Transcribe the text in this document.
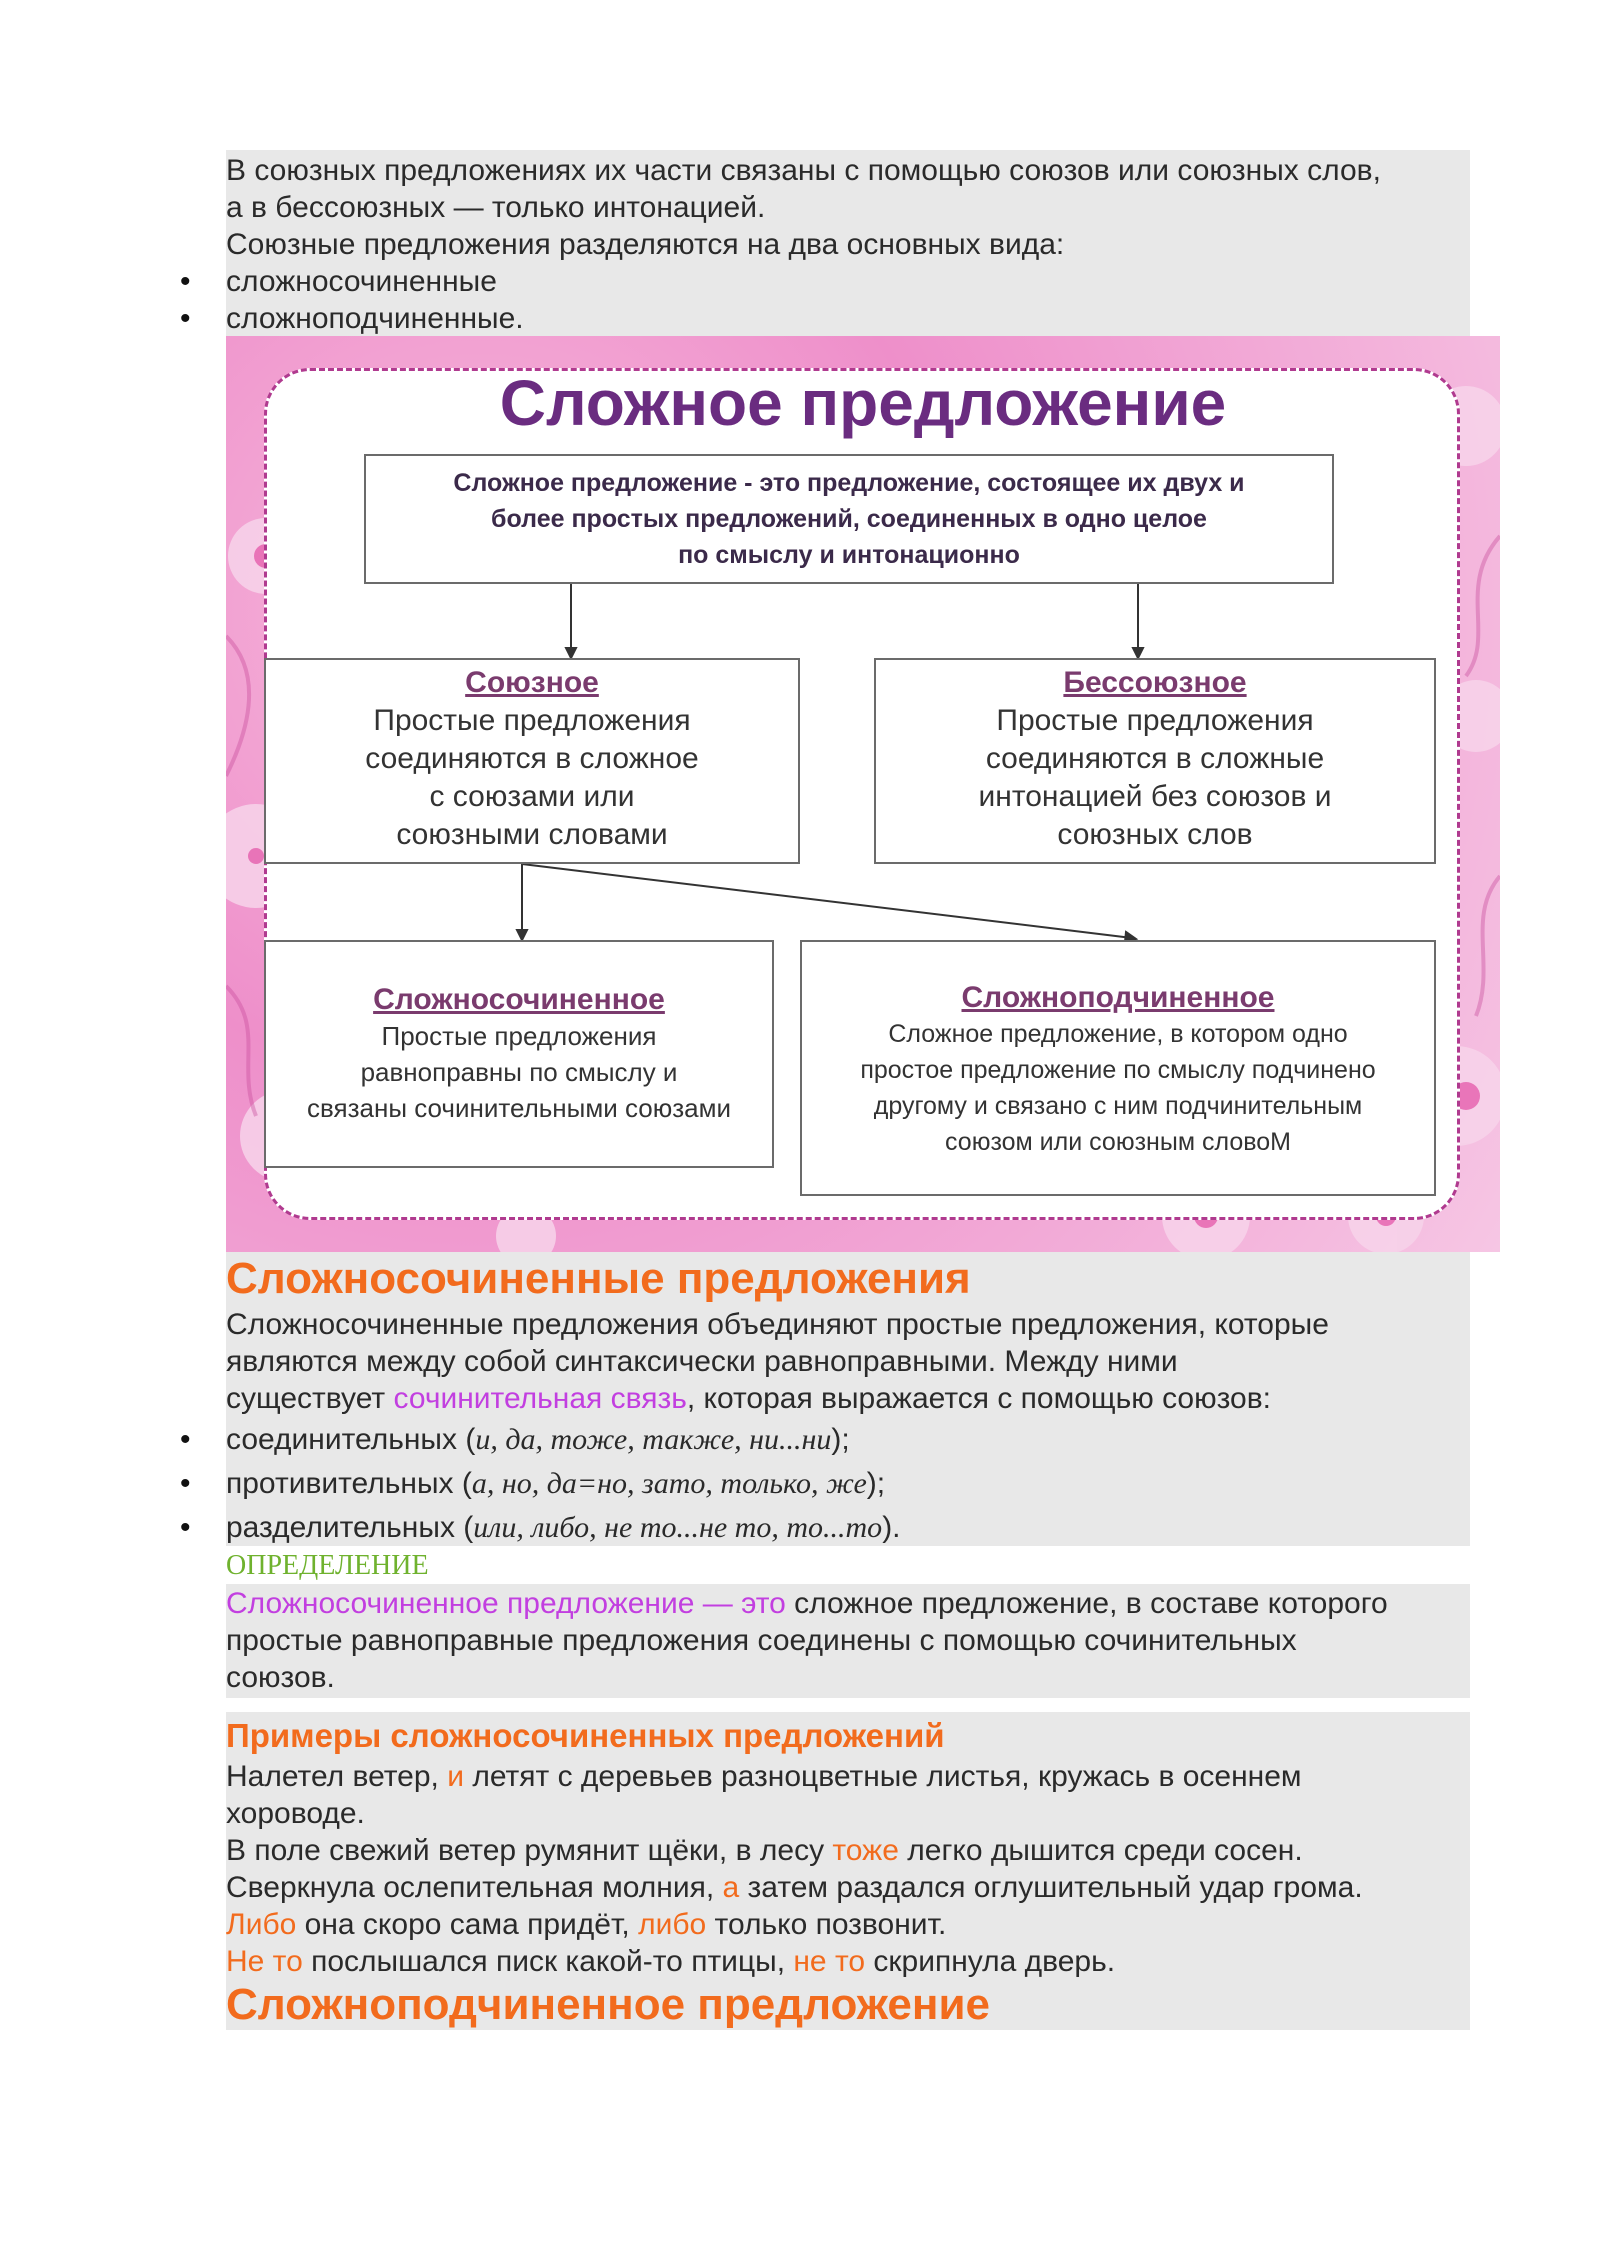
В союзных предложениях их части связаны с помощью союзов или союзных слов,
а в бессоюзных — только интонацией.
Союзные предложения разделяются на два основных вида:
• сложносочиненные
• сложноподчиненные.
Сложное предложение
Сложное предложение - это предложение, состоящее их двух и
более простых предложений, соединенных в одно целое
по смыслу и интонационно
Союзное
Простые предложения
соединяются в сложное
с союзами или
союзными словами
Бессоюзное
Простые предложения
соединяются в сложные
интонацией без союзов и
союзных слов
Сложносочиненное
Простые предложения
равноправны по смыслу и
связаны сочинительными союзами
Сложноподчиненное
Сложное предложение, в котором одно
простое предложение по смыслу подчинено
другому и связано с ним подчинительным
союзом или союзным словоМ
Сложносочиненные предложения
Сложносочиненные предложения объединяют простые предложения, которые
являются между собой синтаксически равноправными. Между ними
существует сочинительная связь, которая выражается с помощью союзов:
• соединительных (и, да, тоже, также, ни...ни);
• противительных (а, но, да=но, зато, только, же);
• разделительных (или, либо, не то...не то, то...то).
ОПРЕДЕЛЕНИЕ
Сложносочиненное предложение — это сложное предложение, в составе которого
простые равноправные предложения соединены с помощью сочинительных
союзов.
Примеры сложносочиненных предложений
Налетел ветер, и летят с деревьев разноцветные листья, кружась в осеннем
хороводе.
В поле свежий ветер румянит щёки, в лесу тоже легко дышится среди сосен.
Сверкнула ослепительная молния, а затем раздался оглушительный удар грома.
Либо она скоро сама придёт, либо только позвонит.
Не то послышался писк какой-то птицы, не то скрипнула дверь.
Сложноподчиненное предложение
